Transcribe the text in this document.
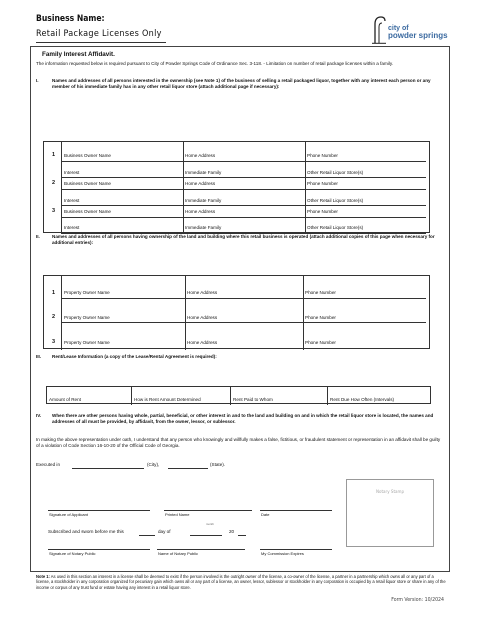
Business Name:
Retail Package Licenses Only
city of
powder springs
Family Interest Affidavit.
The information requested below is required pursuant to City of Powder Springs Code of Ordinance Sec. 3-118. - Limitation on number of retail package licenses within a family.
I.	Names and addresses of all persons interested in the ownership (see Note 1) of the business of selling a retail packaged liquor, together with any interest each person or any member of his immediate family has in any other retail liquor store (attach additional page if necessary):
1 Business Owner Name	Home Address	Phone Number
Interest	Immediate Family	Other Retail Liquor Store(s)
2 Business Owner Name	Home Address	Phone Number
Interest	Immediate Family	Other Retail Liquor Store(s)
3 Business Owner Name	Home Address	Phone Number
Interest	Immediate Family	Other Retail Liquor Store(s)
II.	Names and addresses of all persons having ownership of the land and building where this retail business is operated (attach additional copies of this page when necessary for additional entries):
1 Property Owner Name	Home Address	Phone Number
2 Property Owner Name	Home Address	Phone Number
3 Property Owner Name	Home Address	Phone Number
III. Rent/Lease Information (a copy of the Lease/Rental Agreement is required):
Amount of Rent	How is Rent Amount Determined	Rent Paid to Whom	Rent Due How Often (Intervals)
IV. When there are other persons having whole, partial, beneficial, or other interest in and to the land and building on and in which the retail liquor store is located, the names and addresses of all must be provided, by affidavit, from the owner, lessor, or sublessor.
In making the above representation under oath, I understand that any person who knowingly and willfully makes a false, fictitious, or fraudulent statement or representation in an affidavit shall be guilty of a violation of Code Section 16-10-20 of the Official Code of Georgia.
Executed in	(City),	(State).
Signature of Applicant	Printed Name	Date
Notary Stamp
Subscribed and sworn before me this	day of
month
20
Signature of Notary Public	Name of Notary Public	My Commission Expires
Note 1: As used in this section an interest in a license shall be deemed to exist if the person involved is the outright owner of the license, a co-owner of the license, a partner in a partnership which owns all or any part of a license, a stockholder in any corporation organized for pecuniary gain which owns all or any part of a license, an owner, lessor, sublessor or stockholder in any corporation is occupied by a retail liquor store or share in any of the income or corpus of any trust fund or estate having any interest in a retail liquor store.
Form Version: 10/2024
